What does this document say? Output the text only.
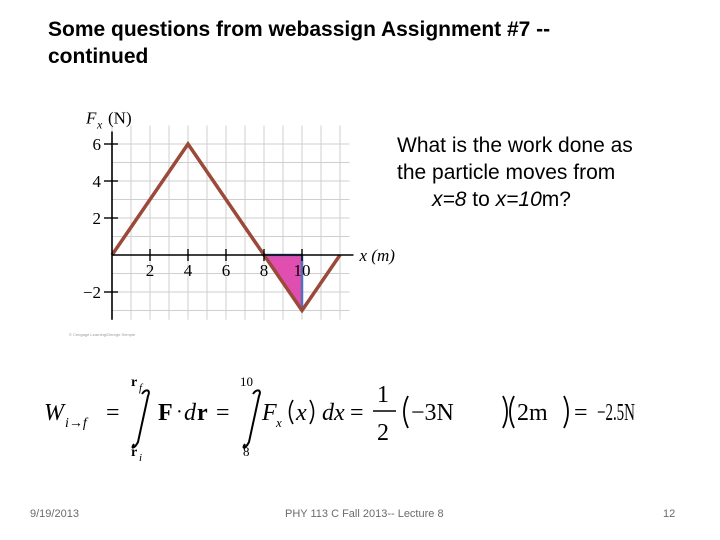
Some questions from webassign Assignment #7 --
continued
2 4 6 8 10
6
4
2
−2
F x (N)
x (m)
© Cengage Learning/George Semple
What is the work done as
the particle moves from
x=8 to x=10m?
W i→f =
r f
r i
F · d r =
10
8
F x x dx =
1
2
−3N	2m = −2.5N
9/19/2013	PHY 113 C Fall 2013-- Lecture 8	12
